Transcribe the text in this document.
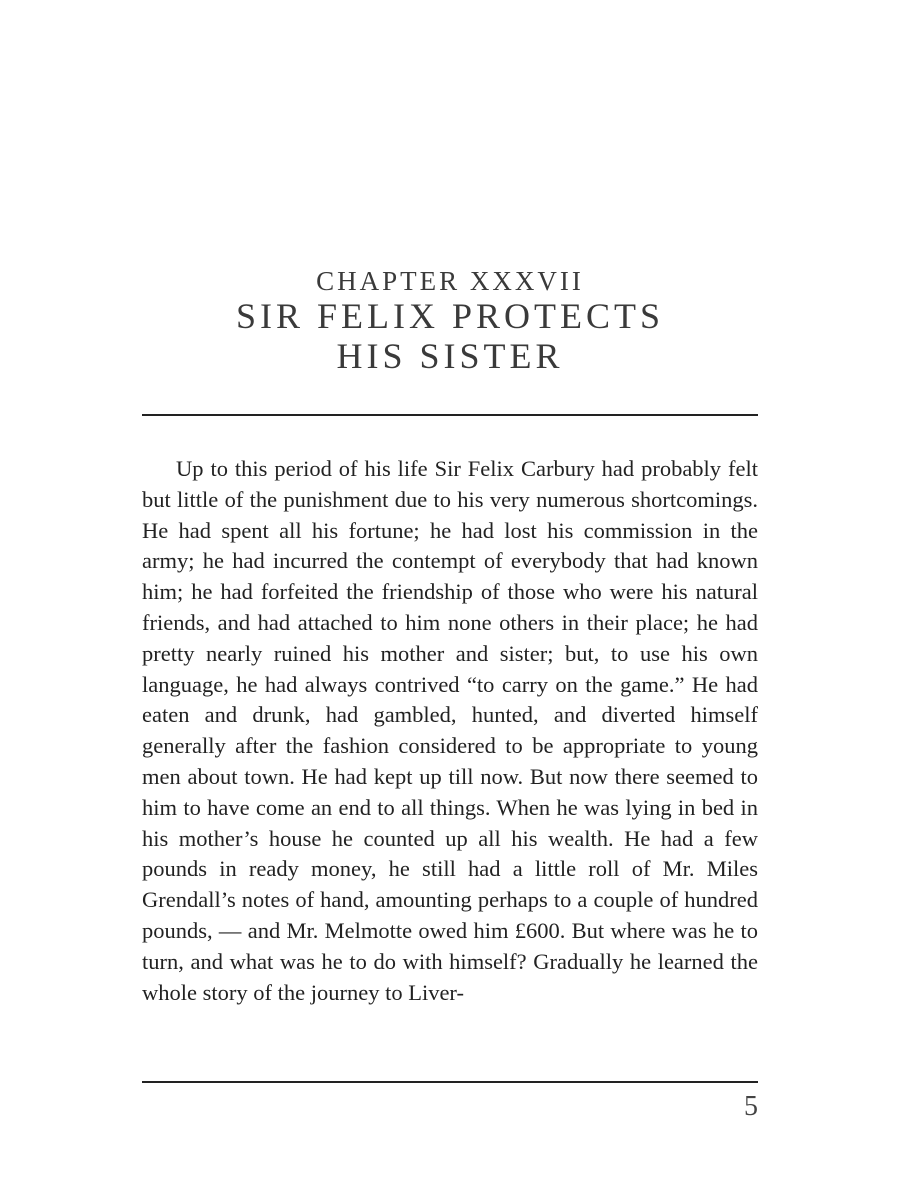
CHAPTER XXXVII
SIR FELIX PROTECTS
HIS SISTER

Up to this period of his life Sir Felix Carbury had probably felt but little of the punishment due to his very numerous shortcomings. He had spent all his fortune; he had lost his commission in the army; he had incurred the contempt of everybody that had known him; he had forfeited the friendship of those who were his natural friends, and had attached to him none others in their place; he had pretty nearly ruined his mother and sister; but, to use his own language, he had always contrived “to carry on the game.” He had eaten and drunk, had gambled, hunted, and diverted himself generally after the fashion considered to be appropriate to young men about town. He had kept up till now. But now there seemed to him to have come an end to all things. When he was lying in bed in his mother’s house he counted up all his wealth. He had a few pounds in ready money, he still had a little roll of Mr. Miles Grendall’s notes of hand, amounting perhaps to a couple of hundred pounds, — and Mr. Melmotte owed him £600. But where was he to turn, and what was he to do with himself? Gradually he learned the whole story of the journey to Liver-

5
